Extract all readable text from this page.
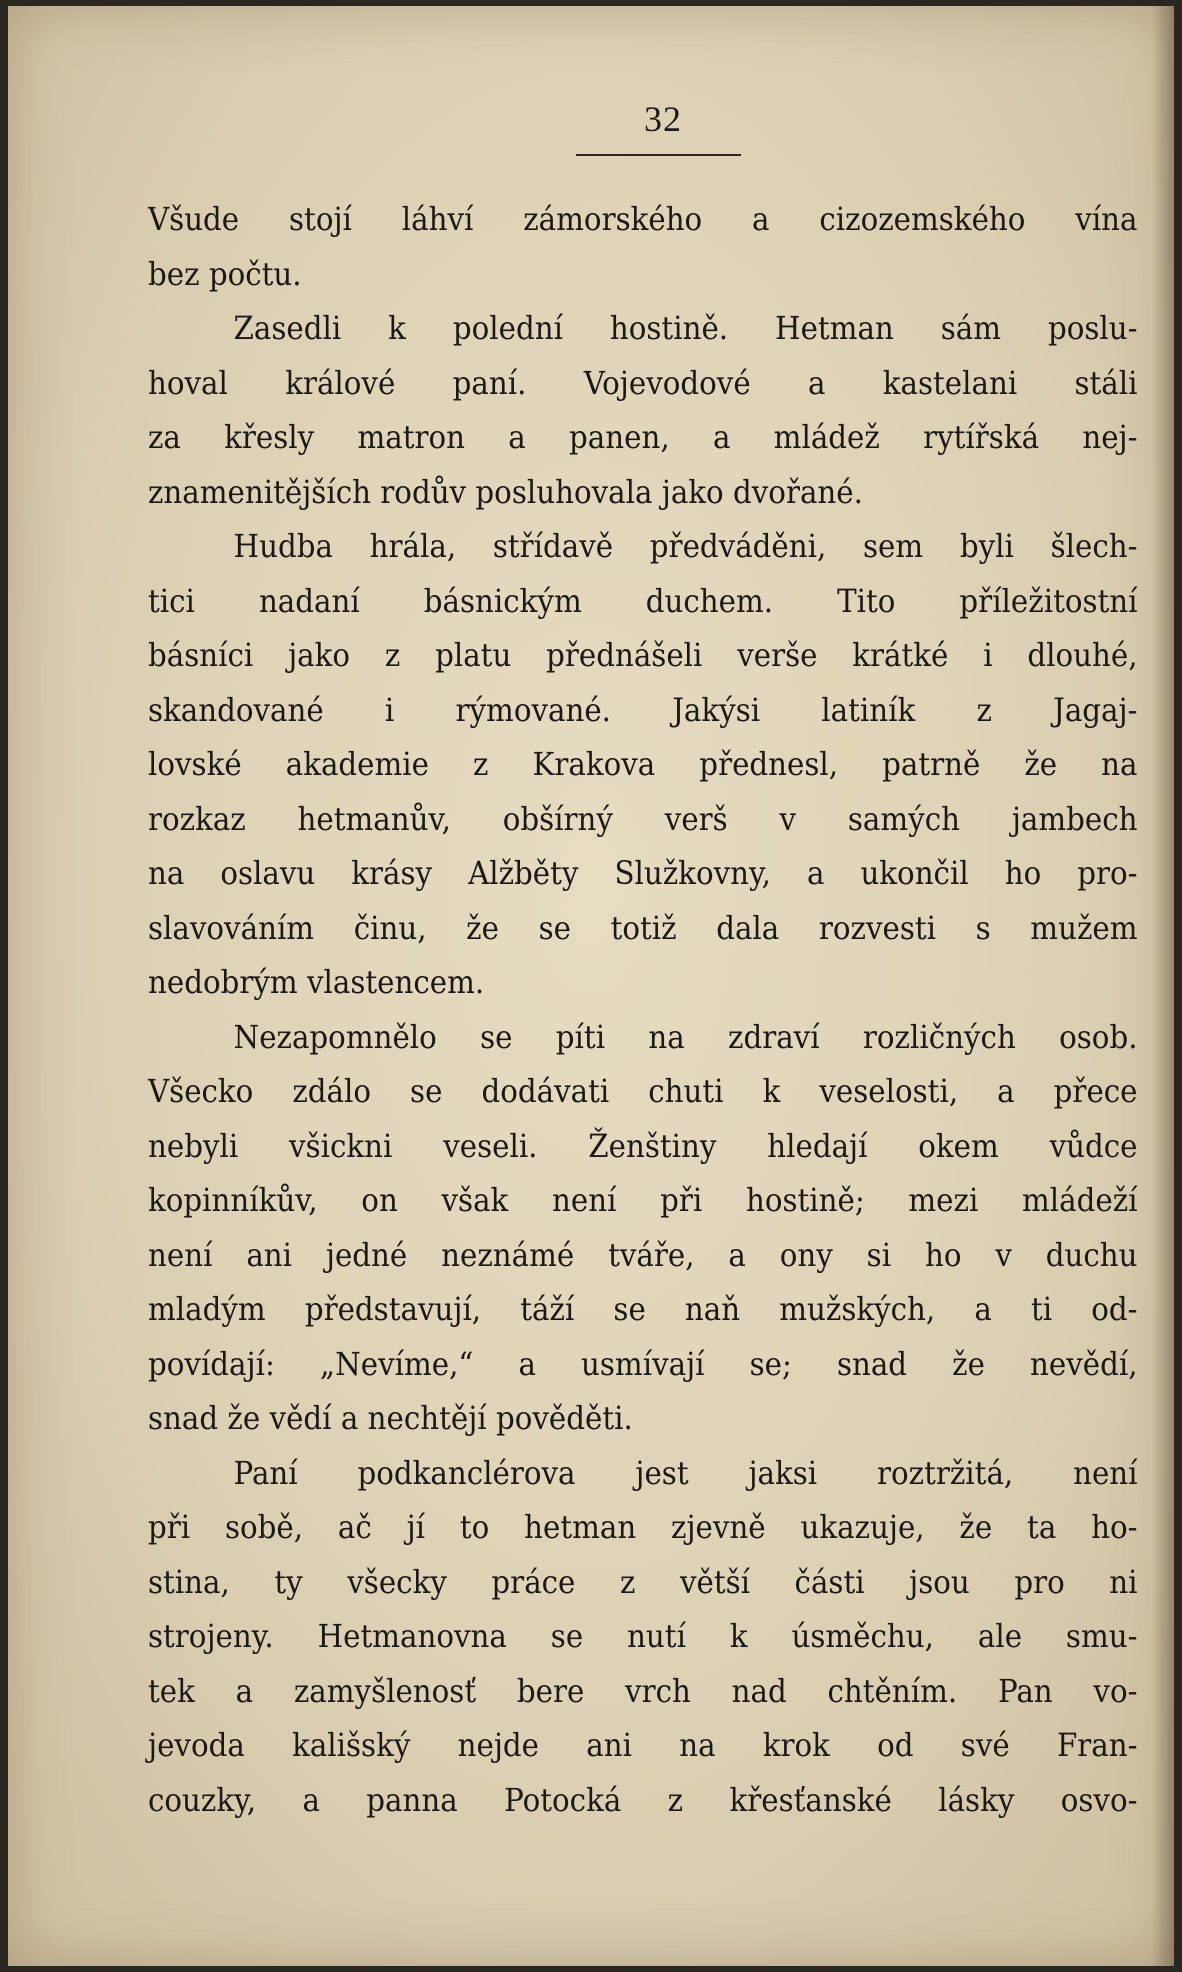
32
Všude stojí láhví zámorského a cizozemského vína
bez počtu.
Zasedli k polední hostině. Hetman sám poslu-
hoval králové paní. Vojevodové a kastelani stáli
za křesly matron a panen, a mládež rytířská nej-
znamenitějších rodův posluhovala jako dvořané.
Hudba hrála, střídavě předváděni, sem byli šlech-
tici nadaní básnickým duchem. Tito příležitostní
básníci jako z platu přednášeli verše krátké i dlouhé,
skandované i rýmované. Jakýsi latiník z Jagaj-
lovské akademie z Krakova přednesl, patrně že na
rozkaz hetmanův, obšírný verš v samých jambech
na oslavu krásy Alžběty Služkovny, a ukončil ho pro-
slavováním činu, že se totiž dala rozvesti s mužem
nedobrým vlastencem.
Nezapomnělo se píti na zdraví rozličných osob.
Všecko zdálo se dodávati chuti k veselosti, a přece
nebyli všickni veseli. Ženštiny hledají okem vůdce
kopinníkův, on však není při hostině; mezi mládeží
není ani jedné neznámé tváře, a ony si ho v duchu
mladým představují, táží se naň mužských, a ti od-
povídají: „Nevíme,“ a usmívají se; snad že nevědí,
snad že vědí a nechtějí pověděti.
Paní podkanclérova jest jaksi roztržitá, není
při sobě, ač jí to hetman zjevně ukazuje, že ta ho-
stina, ty všecky práce z větší části jsou pro ni
strojeny. Hetmanovna se nutí k úsměchu, ale smu-
tek a zamyšlenosť bere vrch nad chtěním. Pan vo-
jevoda kališský nejde ani na krok od své Fran-
couzky, a panna Potocká z křesťanské lásky osvo-
